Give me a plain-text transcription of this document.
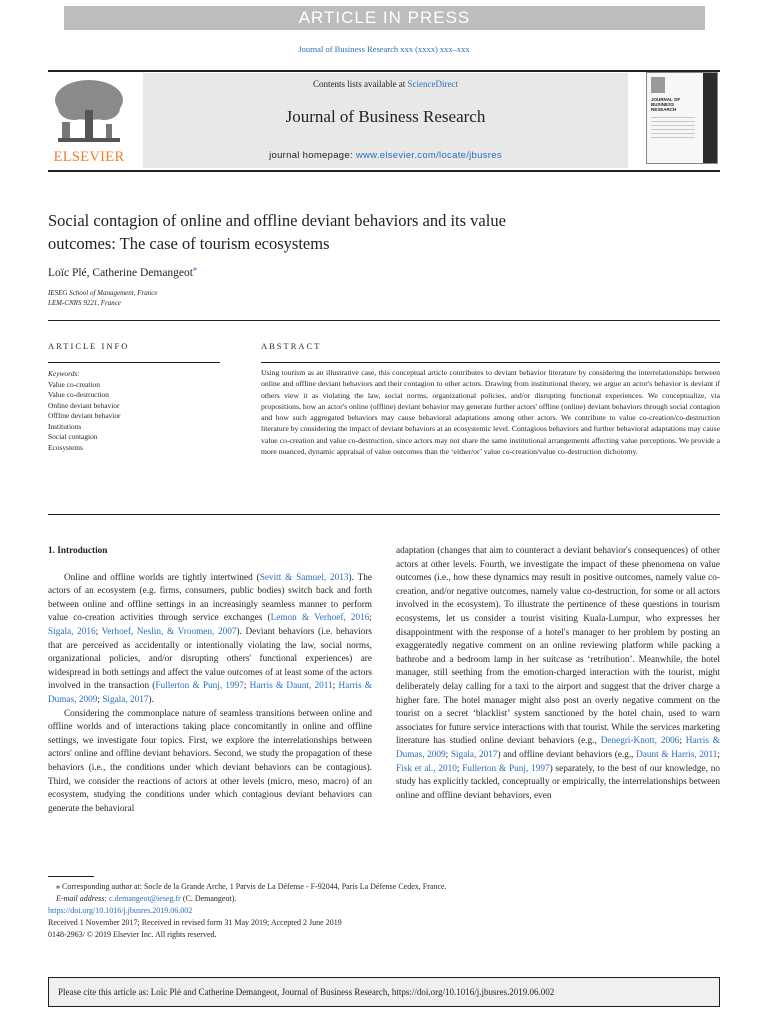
ARTICLE IN PRESS
Journal of Business Research xxx (xxxx) xxx–xxx
ELSEVIER
Contents lists available at ScienceDirect
Journal of Business Research
journal homepage: www.elsevier.com/locate/jbusres
JOURNAL OF BUSINESS RESEARCH
Social contagion of online and offline deviant behaviors and its value
outcomes: The case of tourism ecosystems
Loïc Plé, Catherine Demangeot⁎
IESEG School of Management, France
LEM-CNRS 9221, France
ARTICLE INFO	ABSTRACT
Keywords:
Value co-creation
Value co-destruction
Online deviant behavior
Offline deviant behavior
Institutions
Social contagion
Ecosystems
Using tourism as an illustrative case, this conceptual article contributes to deviant behavior literature by considering the interrelationships between online and offline deviant behaviors and their contagion to other actors. Drawing from institutional theory, we argue an actor's behavior is deviant if others view it as violating the law, social norms, organizational policies, and/or disrupting functional experiences. We conceptualize, via propositions, how an actor's online (offline) deviant behavior may generate further actors' offline (online) deviant behaviors through social contagion and how such aggregated behaviors may cause behavioral adaptations among other actors. We contribute to value co-creation/co-destruction literature by considering the impact of deviant behaviors at an ecosystemic level. Contagious behaviors and further behavioral adaptations may cause value co-creation and value co-destruction, since actors may not share the same institutional arrangements affecting value perceptions. We provide a more nuanced, dynamic appraisal of value outcomes than the ‘either/or’ value co-creation/value co-destruction dichotomy.
1. Introduction

Online and offline worlds are tightly intertwined (Sevitt & Samuel, 2013). The actors of an ecosystem (e.g. firms, consumers, public bodies) switch back and forth between online and offline settings in an increasingly seamless manner to perform value co-creation activities through service exchanges (Lemon & Verhoef, 2016; Sigala, 2016; Verhoef, Neslin, & Vroomen, 2007). Deviant behaviors (i.e. behaviors that are perceived as accidentally or intentionally violating the law, social norms, organizational policies, and/or disrupting others' functional experiences) are widespread in both settings and affect the value outcomes of at least some of the actors involved in the transaction (Fullerton & Punj, 1997; Harris & Daunt, 2011; Harris & Dumas, 2009; Sigala, 2017).

Considering the commonplace nature of seamless transitions between online and offline worlds and of interactions taking place concomitantly in online and offline settings, we investigate four topics. First, we explore the interrelationships between actors' online and offline deviant behaviors. Second, we study the propagation of these behaviors (i.e., the conditions under which deviant behaviors can be contagious). Third, we consider the reactions of actors at other levels (micro, meso, macro) of an ecosystem, studying the conditions under which contagious deviant behaviors can generate the behavioral

adaptation (changes that aim to counteract a deviant behavior's consequences) of other actors at other levels. Fourth, we investigate the impact of these phenomena on value outcomes (i.e., how these dynamics may result in positive outcomes, namely value co-creation, and/or negative outcomes, namely value co-destruction, for some or all actors involved in the ecosystem). To illustrate the pertinence of these questions in tourism ecosystems, let us consider a tourist visiting Kuala-Lumpur, who expresses her disappointment with the response of a hotel's manager to her problem by posting an exaggeratedly negative comment on an online reviewing platform while packing a bathrobe and a bedroom lamp in her suitcase as ‘retribution’. Meanwhile, the hotel manager, still seething from the emotion-charged interaction with the tourist, might deliberately delay calling for a taxi to the airport and suggest that the driver charge a higher fare. The hotel manager might also post an overly negative comment on the tourist on a secret ‘blacklist’ system sanctioned by the hotel chain, used to warn associates for future service interactions with that tourist. While the services marketing literature has studied online deviant behaviors (e.g., Denegri-Knott, 2006; Harris & Dumas, 2009; Sigala, 2017) and offline deviant behaviors (e.g., Daunt & Harris, 2011; Fisk et al., 2010; Fullerton & Punj, 1997) separately, to the best of our knowledge, no study has explicitly tackled, conceptually or empirically, the interrelationships between online and offline deviant behaviors, even

⁎ Corresponding author at: Socle de la Grande Arche, 1 Parvis de La Défense - F-92044, Paris La Défense Cedex, France.
E-mail address: c.demangeot@ieseg.fr (C. Demangeot).
https://doi.org/10.1016/j.jbusres.2019.06.002
Received 1 November 2017; Received in revised form 31 May 2019; Accepted 2 June 2019
0148-2963/ © 2019 Elsevier Inc. All rights reserved.
Please cite this article as: Loïc Plé and Catherine Demangeot, Journal of Business Research, https://doi.org/10.1016/j.jbusres.2019.06.002
